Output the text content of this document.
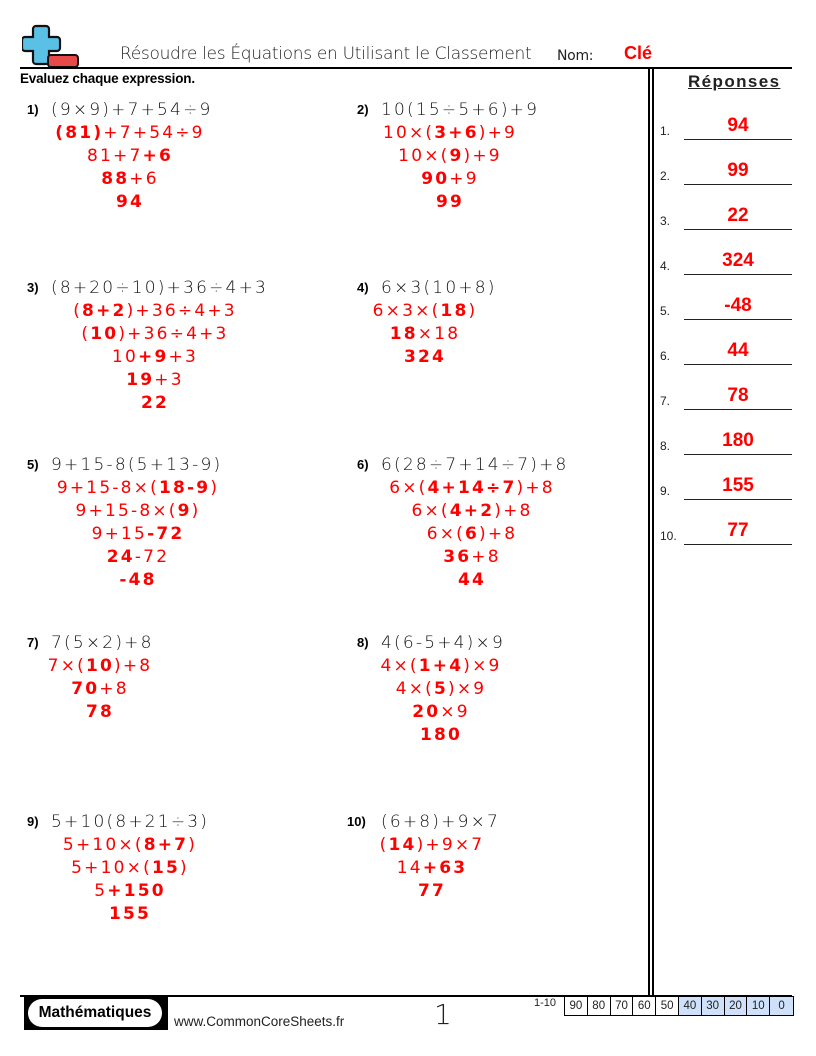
Résoudre les Équations en Utilisant le Classement Nom: Clé
Evaluez chaque expression.	Réponses
1.	94
2.	99
3.	22
4.	324
5.	-48
6.	44
7.	78
8.	180
9.	155
10.	77
1) (9×9)+7+54÷9
(81)+7+54÷9
81+7+6
88+6
94
2) 10(15÷5+6)+9
10×(3+6)+9
10×(9)+9
90+9
99
3) (8+20÷10)+36÷4+3
(8+2)+36÷4+3
(10)+36÷4+3
10+9+3
19+3
22
4) 6×3(10+8)
6×3×(18)
18×18
324
5) 9+15-8(5+13-9)
9+15-8×(18-9)
9+15-8×(9)
9+15-72
24-72
-48
6) 6(28÷7+14÷7)+8
6×(4+14÷7)+8
6×(4+2)+8
6×(6)+8
36+8
44
7) 7(5×2)+8
7×(10)+8
70+8
78
8) 4(6-5+4)×9
4×(1+4)×9
4×(5)×9
20×9
180
9) 5+10(8+21÷3)
5+10×(8+7)
5+10×(15)
5+150
155
10) (6+8)+9×7
(14)+9×7
14+63
77
Mathématiques
www.CommonCoreSheets.fr	1	1-10	90 80 70 60 50 40 30 20 10	0
